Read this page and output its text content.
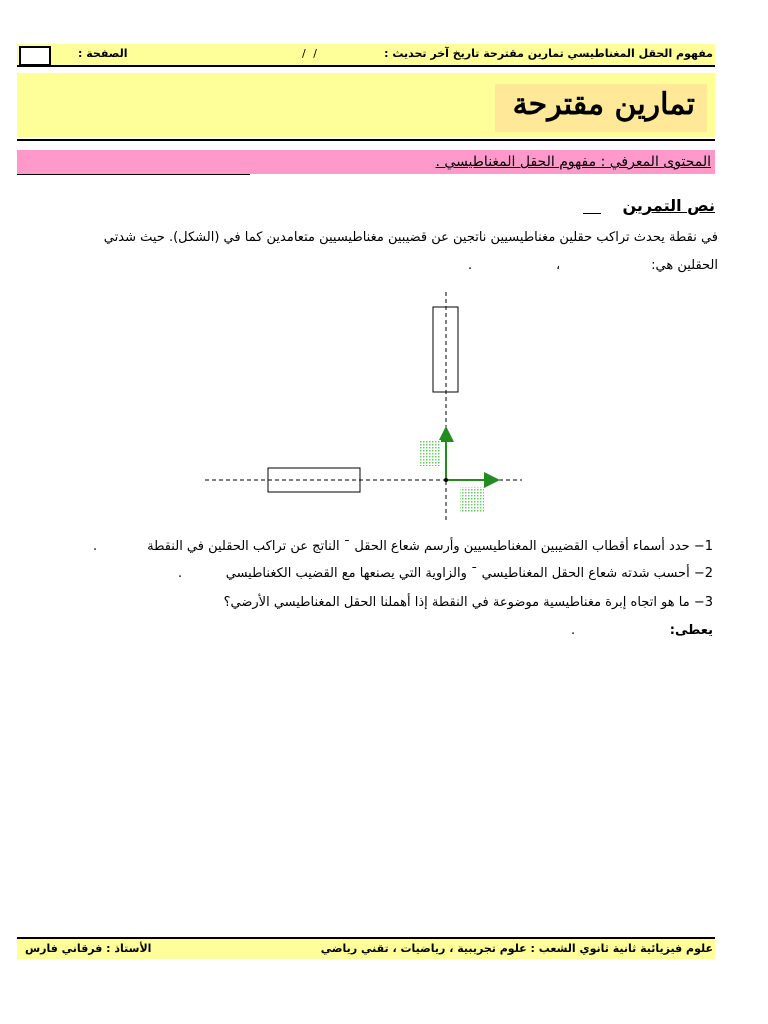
مفهوم الحقل المغناطيسي تمارين مقترحة تاريخ آخر تحديث :
/ /
الصفحة :
تمارين مقترحة
المحتوى المعرفي : مفهوم الحقل المغناطيسي .
نص التمرين
في نقطة يحدث تراكب حقلين مغناطيسيين ناتجين عن قضيبين مغناطيسيين متعامدين كما في (الشكل). حيث شدتي
الحقلين هي:
،
.
1− حدد أسماء أقطاب القضيبين المغناطيسيين وأرسم شعاع الحقل ¯ الناتج عن تراكب الحقلين في النقطة
.
2− أحسب شدته شعاع الحقل المغناطيسي ¯ والزاوية التي يصنعها مع القضيب الكغناطيسي
.
3− ما هو اتجاه إبرة مغناطيسية موضوعة في النقطة إذا أهملنا الحقل المغناطيسي الأرضي؟
يعطى:
.
علوم فيزيائية ثانية ثانوي الشعب : علوم تجريبية ، رياضيات ، تقني رياضي
الأستاذ : فرقاني فارس
